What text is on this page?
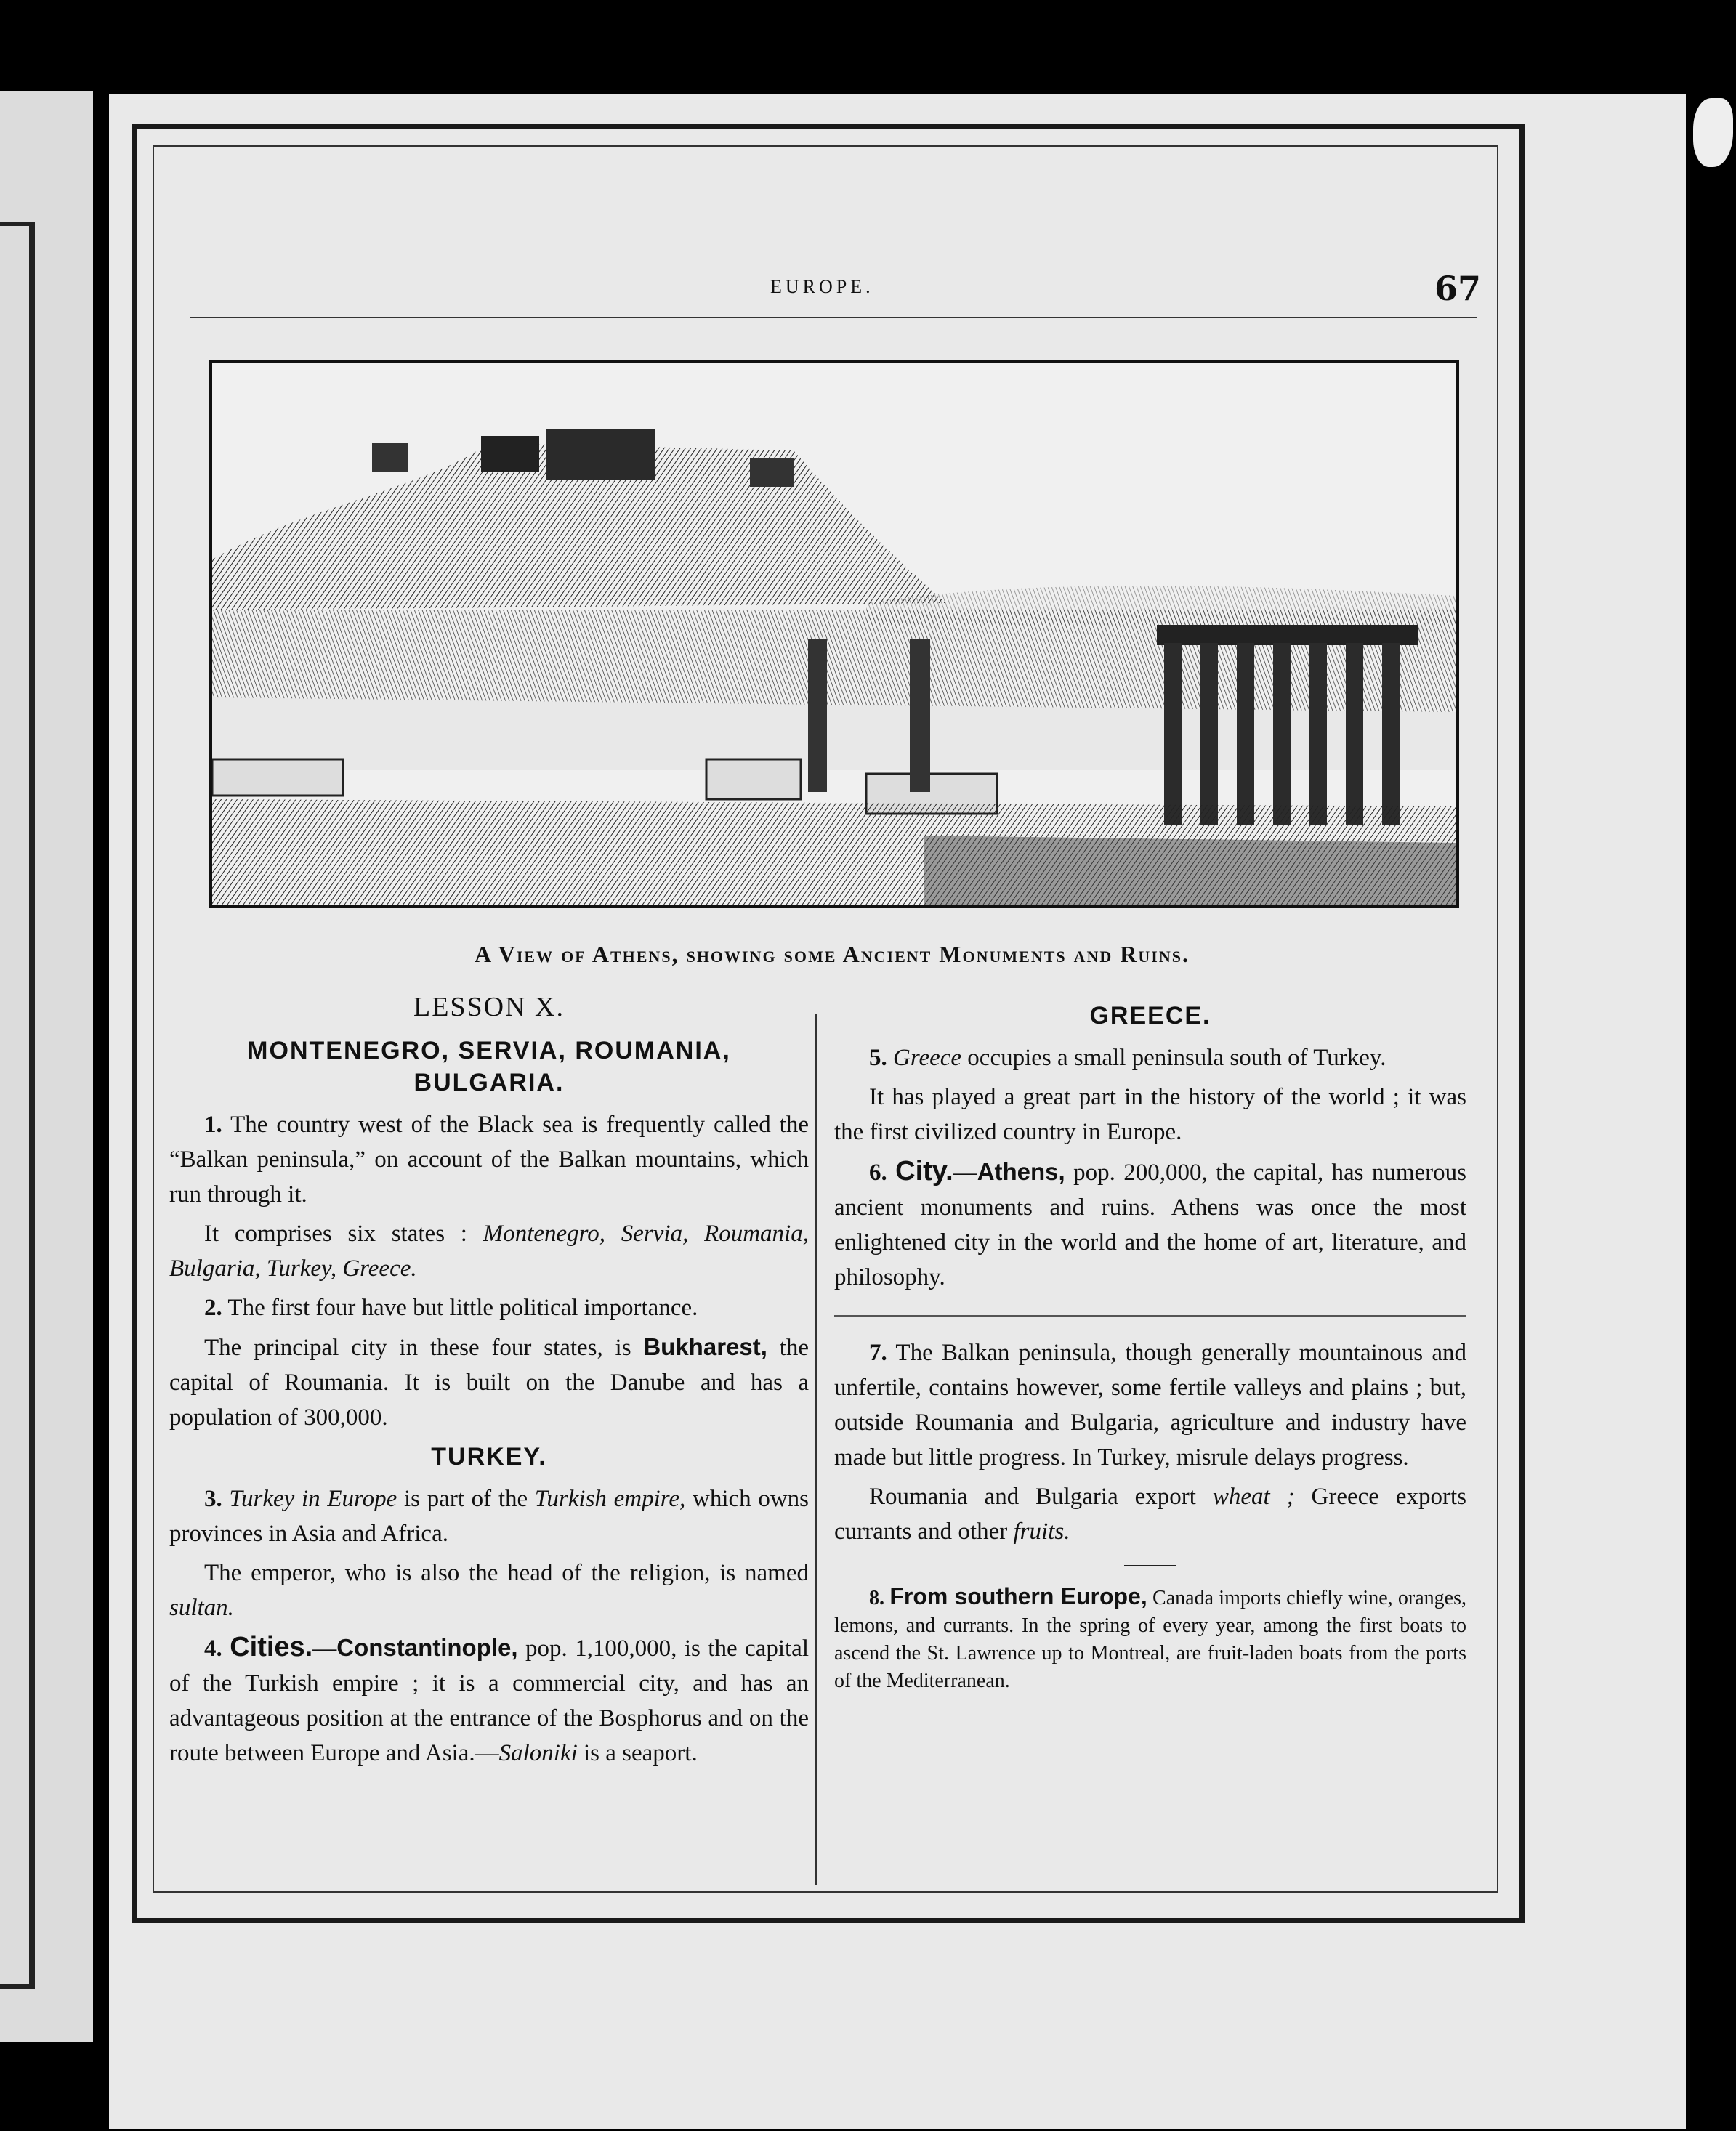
EUROPE.	67
A View of Athens, showing some Ancient Monuments and Ruins.
LESSON X.
MONTENEGRO, SERVIA, ROUMANIA,
BULGARIA.

1. The country west of the Black sea is frequently called the “Balkan peninsula,” on account of the Balkan mountains, which run through it.

It comprises six states : Montenegro, Servia, Roumania, Bulgaria, Turkey, Greece.

2. The first four have but little political importance.

The principal city in these four states, is Bukharest, the capital of Roumania. It is built on the Danube and has a population of 300,000.

TURKEY.

3. Turkey in Europe is part of the Turkish empire, which owns provinces in Asia and Africa.

The emperor, who is also the head of the religion, is named sultan.

4. Cities.—Constantinople, pop. 1,100,000, is the capital of the Turkish empire ; it is a commercial city, and has an advantageous position at the entrance of the Bosphorus and on the route between Europe and Asia.—Saloniki is a seaport.

GREECE.

5. Greece occupies a small peninsula south of Turkey.

It has played a great part in the history of the world ; it was the first civilized country in Europe.

6. City.—Athens, pop. 200,000, the capital, has numerous ancient monuments and ruins. Athens was once the most enlightened city in the world and the home of art, literature, and philosophy.

7. The Balkan peninsula, though generally mountainous and unfertile, contains however, some fertile valleys and plains ; but, outside Roumania and Bulgaria, agriculture and industry have made but little progress. In Turkey, misrule delays progress.

Roumania and Bulgaria export wheat ; Greece exports currants and other fruits.

8. From southern Europe, Canada imports chiefly wine, oranges, lemons, and currants. In the spring of every year, among the first boats to ascend the St. Lawrence up to Montreal, are fruit-laden boats from the ports of the Mediterranean.
